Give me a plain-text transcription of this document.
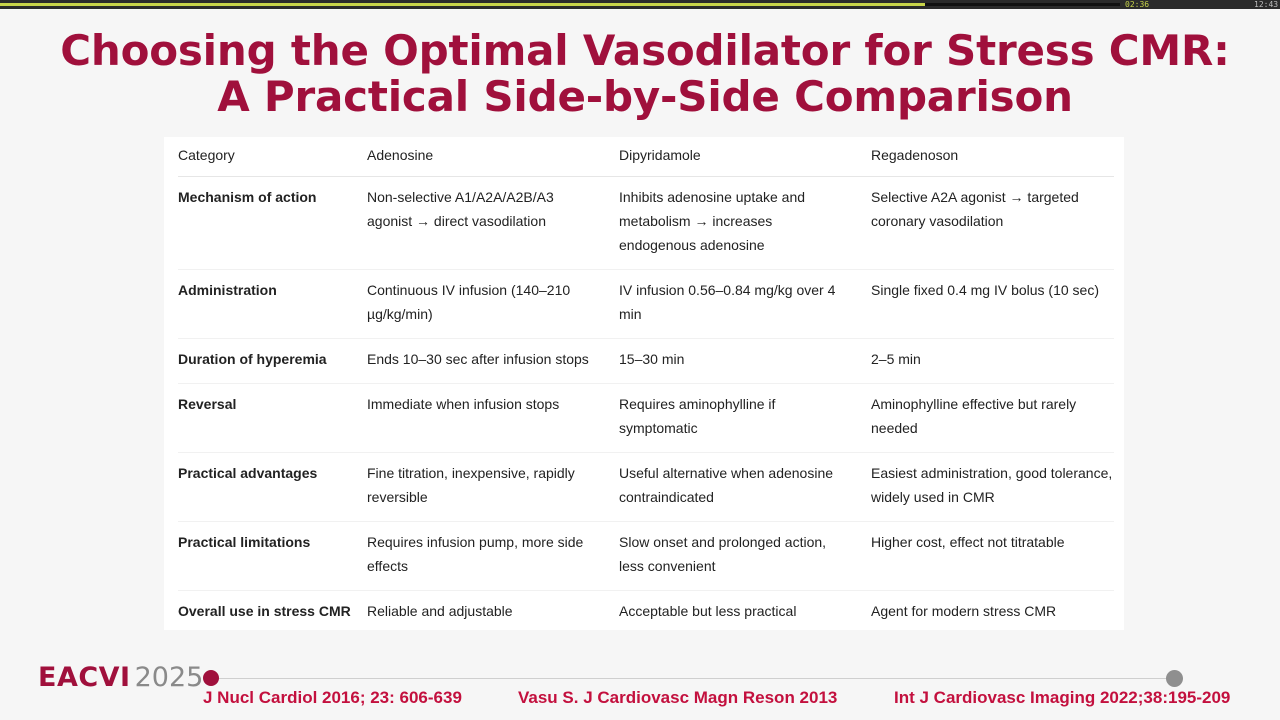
02:36	12:43
Choosing the Optimal Vasodilator for Stress CMR: A Practical Side-by-Side Comparison
Category	Adenosine	Dipyridamole	Regadenoson
Mechanism of action	Non-selective A1/A2A/A2B/A3 agonist → direct vasodilation	Inhibits adenosine uptake and metabolism → increases endogenous adenosine	Selective A2A agonist → targeted coronary vasodilation
Administration	Continuous IV infusion (140–210 µg/kg/min)	IV infusion 0.56–0.84 mg/kg over 4 min	Single fixed 0.4 mg IV bolus (10 sec)
Duration of hyperemia	Ends 10–30 sec after infusion stops	15–30 min	2–5 min
Reversal	Immediate when infusion stops	Requires aminophylline if symptomatic	Aminophylline effective but rarely needed
Practical advantages	Fine titration, inexpensive, rapidly reversible	Useful alternative when adenosine contraindicated	Easiest administration, good tolerance, widely used in CMR
Practical limitations	Requires infusion pump, more side effects	Slow onset and prolonged action, less convenient	Higher cost, effect not titratable
Overall use in stress CMR	Reliable and adjustable	Acceptable but less practical	Agent for modern stress CMR
EACVI 2025
J Nucl Cardiol 2016; 23: 606-639	Vasu S. J Cardiovasc Magn Reson 2013	Int J Cardiovasc Imaging 2022;38:195-209
